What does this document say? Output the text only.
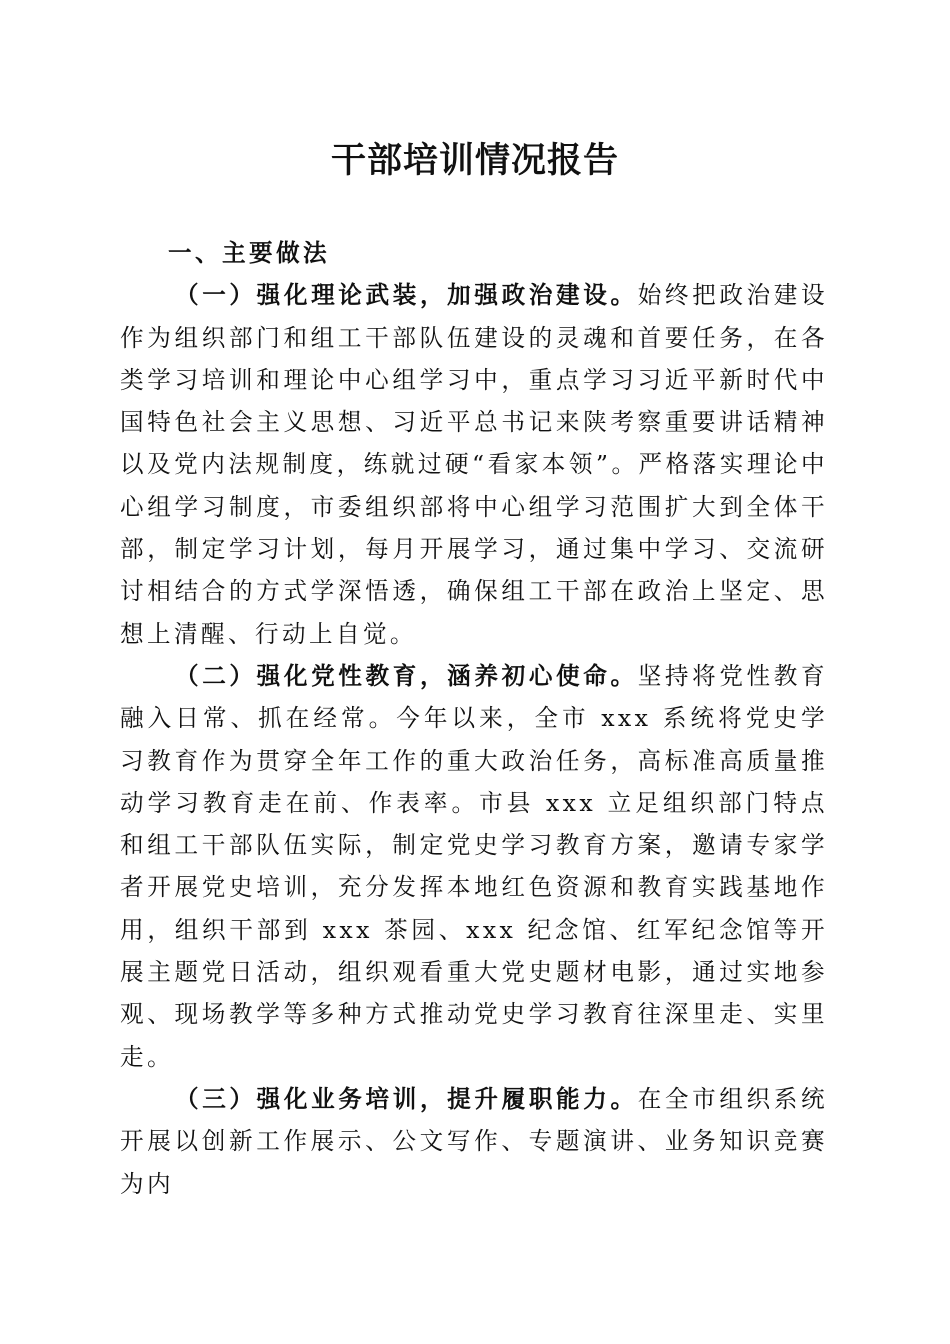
干部培训情况报告

一、主要做法

（一）强化理论武装，加强政治建设。始终把政治建设作为组织部门和组工干部队伍建设的灵魂和首要任务，在各类学习培训和理论中心组学习中，重点学习习近平新时代中国特色社会主义思想、习近平总书记来陕考察重要讲话精神以及党内法规制度，练就过硬“看家本领”。严格落实理论中心组学习制度，市委组织部将中心组学习范围扩大到全体干部，制定学习计划，每月开展学习，通过集中学习、交流研讨相结合的方式学深悟透，确保组工干部在政治上坚定、思想上清醒、行动上自觉。

（二）强化党性教育，涵养初心使命。坚持将党性教育融入日常、抓在经常。今年以来，全市 xxx 系统将党史学习教育作为贯穿全年工作的重大政治任务，高标准高质量推动学习教育走在前、作表率。市县 xxx 立足组织部门特点和组工干部队伍实际，制定党史学习教育方案，邀请专家学者开展党史培训，充分发挥本地红色资源和教育实践基地作用，组织干部到 xxx 茶园、xxx 纪念馆、红军纪念馆等开展主题党日活动，组织观看重大党史题材电影，通过实地参观、现场教学等多种方式推动党史学习教育往深里走、实里走。

（三）强化业务培训，提升履职能力。在全市组织系统开展以创新工作展示、公文写作、专题演讲、业务知识竞赛为内
